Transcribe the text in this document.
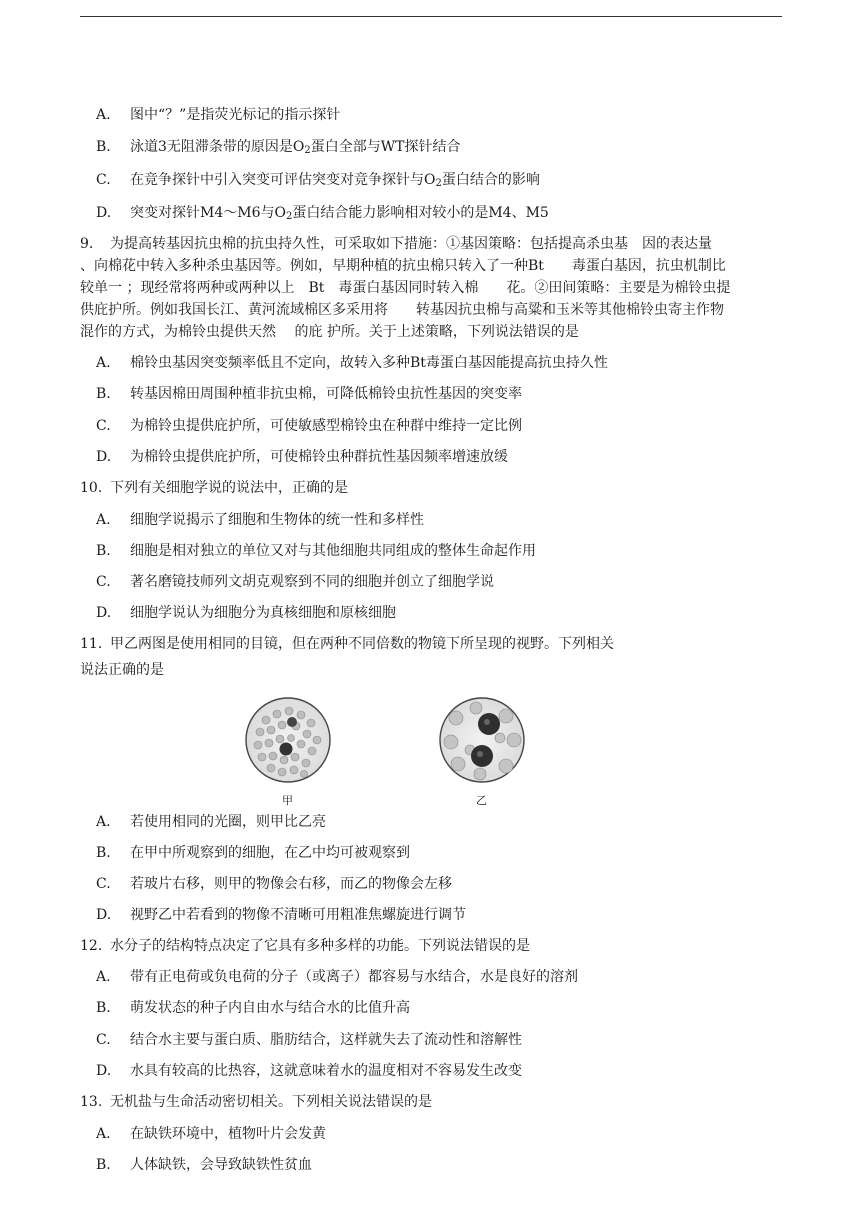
A. 图中“？”是指荧光标记的指示探针
B. 泳道3无阻滞条带的原因是$O_2$蛋白全部与WT探针结合
C. 在竞争探针中引入突变可评估突变对竞争探针与$O_2$蛋白结合的影响
D. 突变对探针M4～M6与$O_2$蛋白结合能力影响相对较小的是M4、M5
9. 为提高转基因抗虫棉的抗虫持久性，可采取如下措施：①基因策略：包括提高杀虫基　因的表达量
、向棉花中转入多种杀虫基因等。例如，早期种植的抗虫棉只转入了一种Bt　　毒蛋白基因，抗虫机制比
较单一 ；现经常将两种或两种以上　Bt　毒蛋白基因同时转入棉　　花。②田间策略：主要是为棉铃虫提
供庇护所。例如我国长江、黄河流域棉区多采用将　　转基因抗虫棉与高粱和玉米等其他棉铃虫寄主作物
混作的方式，为棉铃虫提供天然　 的庇 护所。关于上述策略，下列说法错误的是
A. 棉铃虫基因突变频率低且不定向，故转入多种Bt毒蛋白基因能提高抗虫持久性
B. 转基因棉田周围种植非抗虫棉，可降低棉铃虫抗性基因的突变率
C. 为棉铃虫提供庇护所，可使敏感型棉铃虫在种群中维持一定比例
D. 为棉铃虫提供庇护所，可使棉铃虫种群抗性基因频率增速放缓
10. 下列有关细胞学说的说法中，正确的是
A. 细胞学说揭示了细胞和生物体的统一性和多样性
B. 细胞是相对独立的单位又对与其他细胞共同组成的整体生命起作用
C. 著名磨镜技师列文胡克观察到不同的细胞并创立了细胞学说
D. 细胞学说认为细胞分为真核细胞和原核细胞
11. 甲乙两图是使用相同的目镜，但在两种不同倍数的物镜下所呈现的视野。下列相关
说法正确的是
甲	乙
A. 若使用相同的光圈，则甲比乙亮
B. 在甲中所观察到的细胞，在乙中均可被观察到
C. 若玻片右移，则甲的物像会右移，而乙的物像会左移
D. 视野乙中若看到的物像不清晰可用粗准焦螺旋进行调节
12. 水分子的结构特点决定了它具有多种多样的功能。下列说法错误的是
A. 带有正电荷或负电荷的分子（或离子）都容易与水结合，水是良好的溶剂
B. 萌发状态的种子内自由水与结合水的比值升高
C. 结合水主要与蛋白质、脂肪结合，这样就失去了流动性和溶解性
D. 水具有较高的比热容，这就意味着水的温度相对不容易发生改变
13. 无机盐与生命活动密切相关。下列相关说法错误的是
A. 在缺铁环境中，植物叶片会发黄
B. 人体缺铁，会导致缺铁性贫血
